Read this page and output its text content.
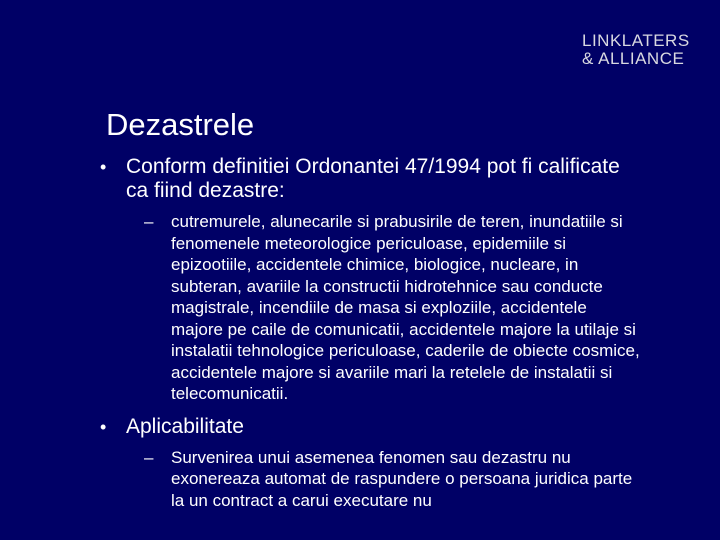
LINKLATERS
& ALLIANCE
Dezastrele
• Conform definitiei Ordonantei 47/1994 pot fi calificate ca fiind dezastre:
–	cutremurele, alunecarile si prabusirile de teren, inundatiile si fenomenele meteorologice periculoase, epidemiile si epizootiile, accidentele chimice, biologice, nucleare, in subteran, avariile la constructii hidrotehnice sau conducte magistrale, incendiile de masa si exploziile, accidentele majore pe caile de comunicatii, accidentele majore la utilaje si instalatii tehnologice periculoase, caderile de obiecte cosmice, accidentele majore si avariile mari la retelele de instalatii si telecomunicatii.
• Aplicabilitate
–	Survenirea unui asemenea fenomen sau dezastru nu exonereaza automat de raspundere o persoana juridica parte la un contract a carui executare nu
